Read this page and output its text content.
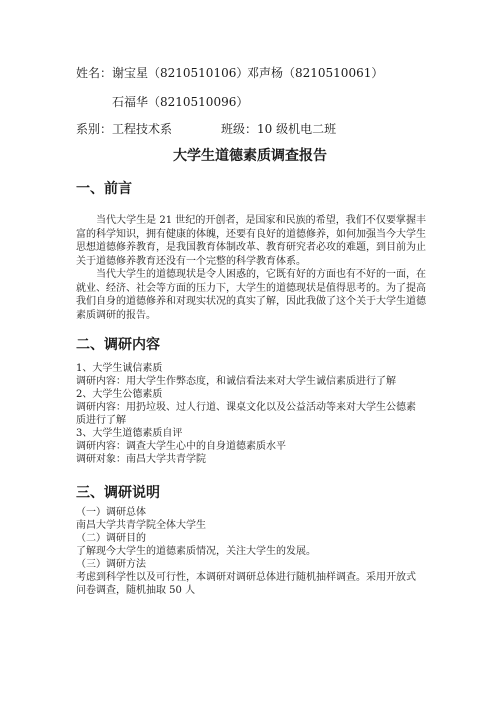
姓名： 谢宝星（8210510106）
邓声杨（8210510061）
石福华（8210510096）
系别：工程技术系	班级：10 级机电二班
大学生道德素质调查报告
一、前言
当代大学生是 21 世纪的开创者，是国家和民族的希望，我们不仅要掌握丰富的科学知识，拥有健康的体魄，还要有良好的道德修养，如何加强当今大学生思想道德修养教育，是我国教育体制改革、教育研究者必攻的难题，到目前为止关于道德修养教育还没有一个完整的科学教育体系。
当代大学生的道德现状是令人困惑的，它既有好的方面也有不好的一面，在就业、经济、社会等方面的压力下，大学生的道德现状是值得思考的。为了提高我们自身的道德修养和对现实状况的真实了解，因此我做了这个关于大学生道德素质调研的报告。
二、调研内容
1、大学生诚信素质
调研内容：用大学生作弊态度，和诚信看法来对大学生诚信素质进行了解
2、大学生公德素质
调研内容：用扔垃圾、过人行道、课桌文化以及公益活动等来对大学生公德素
质进行了解
3、大学生道德素质自评
调研内容：调查大学生心中的自身道德素质水平
调研对象：南昌大学共青学院
三、调研说明
（一）调研总体
南昌大学共青学院全体大学生
（二）调研目的
了解现今大学生的道德素质情况，关注大学生的发展。
（三）调研方法
考虑到科学性以及可行性，本调研对调研总体进行随机抽样调查。采用开放式
问卷调查，随机抽取 50 人
